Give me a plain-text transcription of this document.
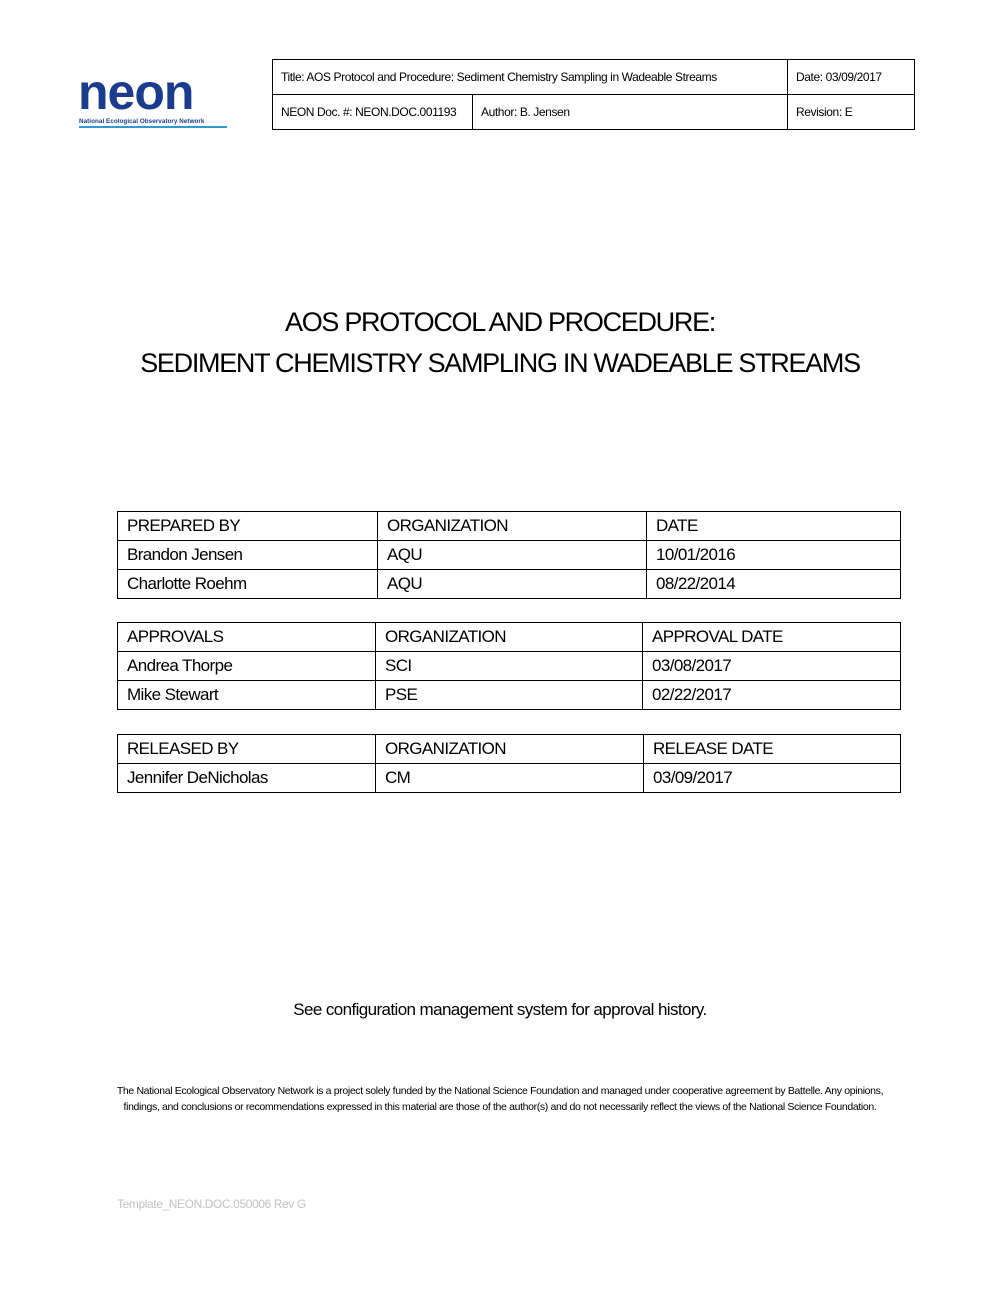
neon
National Ecological Observatory Network
Title: AOS Protocol and Procedure: Sediment Chemistry Sampling in Wadeable Streams		Date: 03/09/2017
NEON Doc. #: NEON.DOC.001193	Author: B. Jensen	Revision: E
AOS PROTOCOL AND PROCEDURE:
SEDIMENT CHEMISTRY SAMPLING IN WADEABLE STREAMS
PREPARED BY	ORGANIZATION	DATE
Brandon Jensen	AQU	10/01/2016
Charlotte Roehm	AQU	08/22/2014
APPROVALS	ORGANIZATION	APPROVAL DATE
Andrea Thorpe	SCI	03/08/2017
Mike Stewart	PSE	02/22/2017
RELEASED BY	ORGANIZATION	RELEASE DATE
Jennifer DeNicholas	CM	03/09/2017
See configuration management system for approval history.
The National Ecological Observatory Network is a project solely funded by the National Science Foundation and managed under cooperative agreement by Battelle. Any opinions, findings, and conclusions or recommendations expressed in this material are those of the author(s) and do not necessarily reflect the views of the National Science Foundation.
Template_NEON.DOC.050006 Rev G
